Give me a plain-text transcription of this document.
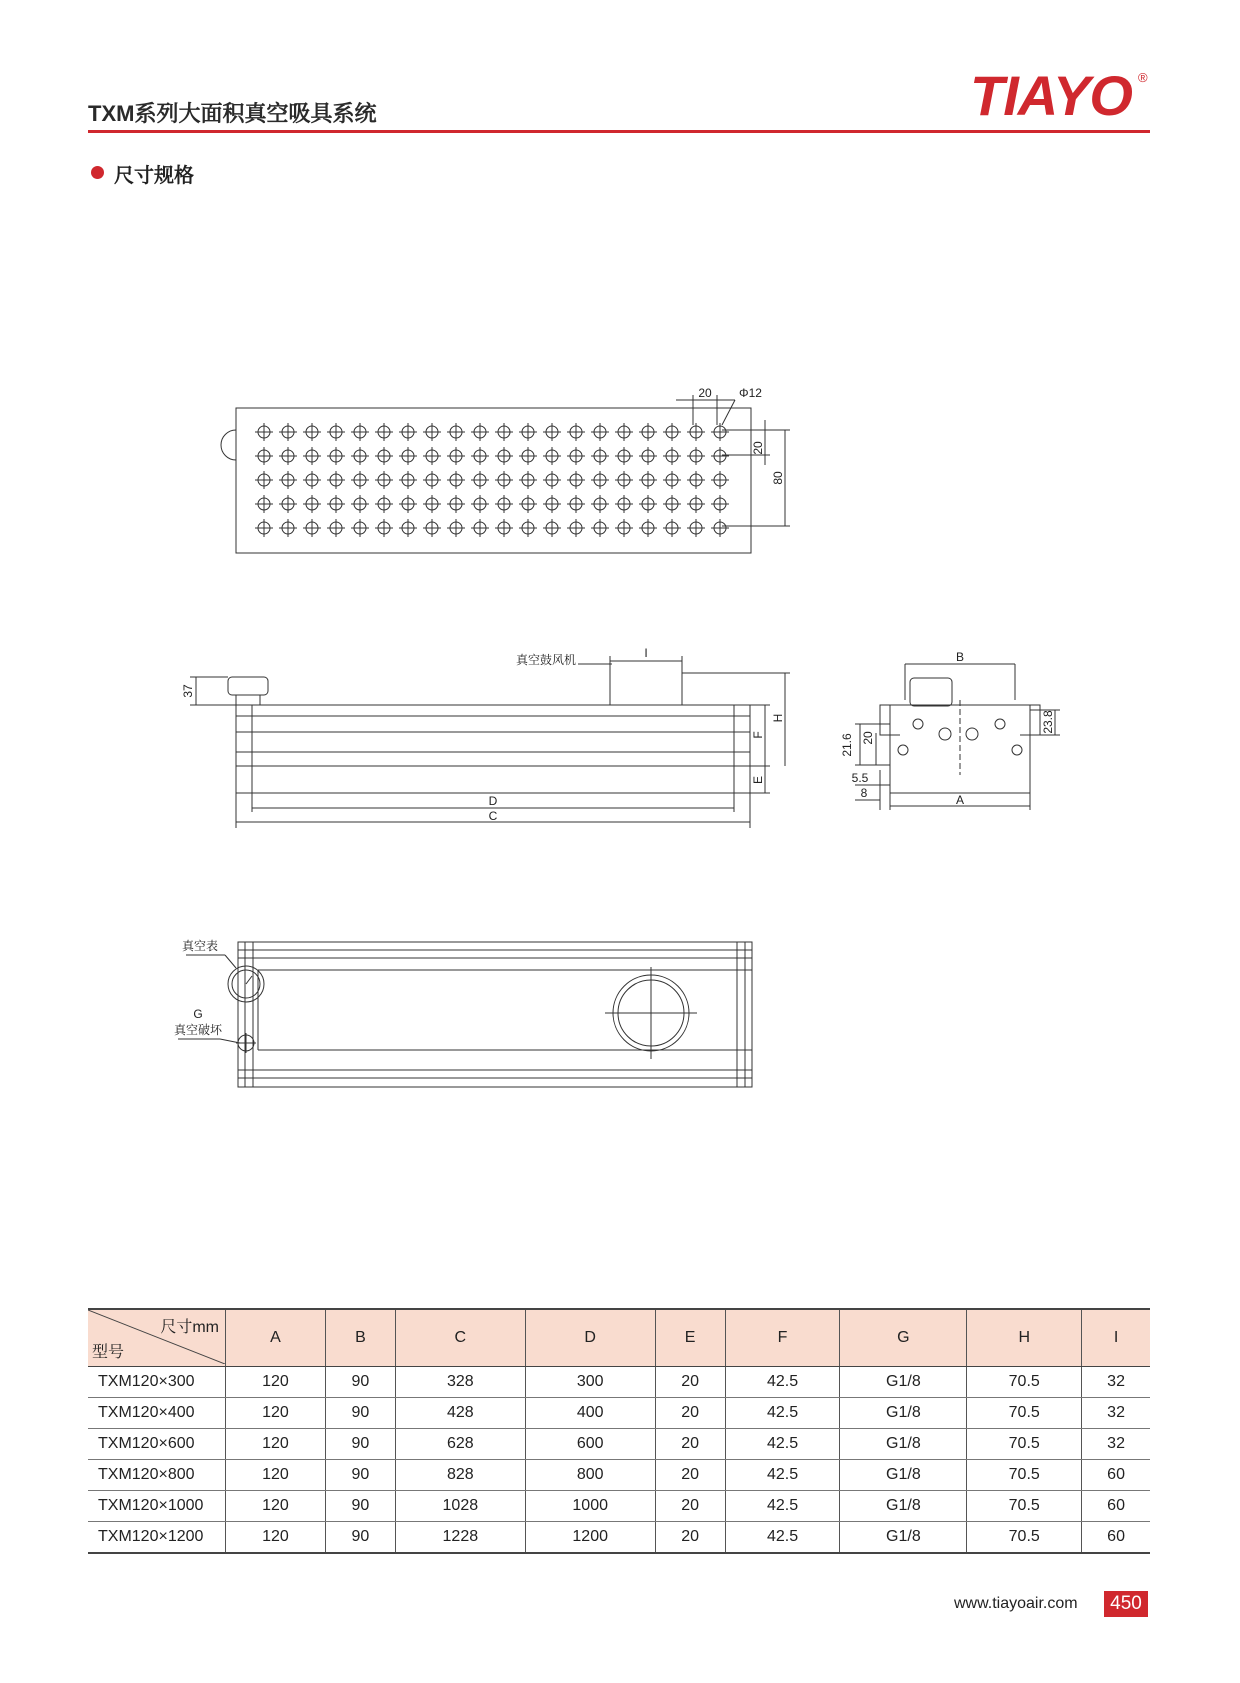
TXM系列大面积真空吸具系统	TIAYO ®
尺寸规格
20 Φ12
20
80
37
真空鼓风机	I
H
F
E
D
C
B
A
21.6 20
23.8
5.5
8
真空表
G
真空破坏
尺寸mm
型号	A	B	C	D	E	F	G	H	I
TXM120×300	120	90	328	300	20	42.5	G1/8	70.5	32
TXM120×400	120	90	428	400	20	42.5	G1/8	70.5	32
TXM120×600	120	90	628	600	20	42.5	G1/8	70.5	32
TXM120×800	120	90	828	800	20	42.5	G1/8	70.5	60
TXM120×1000	120	90	1028	1000	20	42.5	G1/8	70.5	60
TXM120×1200	120	90	1228	1200	20	42.5	G1/8	70.5	60
www.tiayoair.com	450
